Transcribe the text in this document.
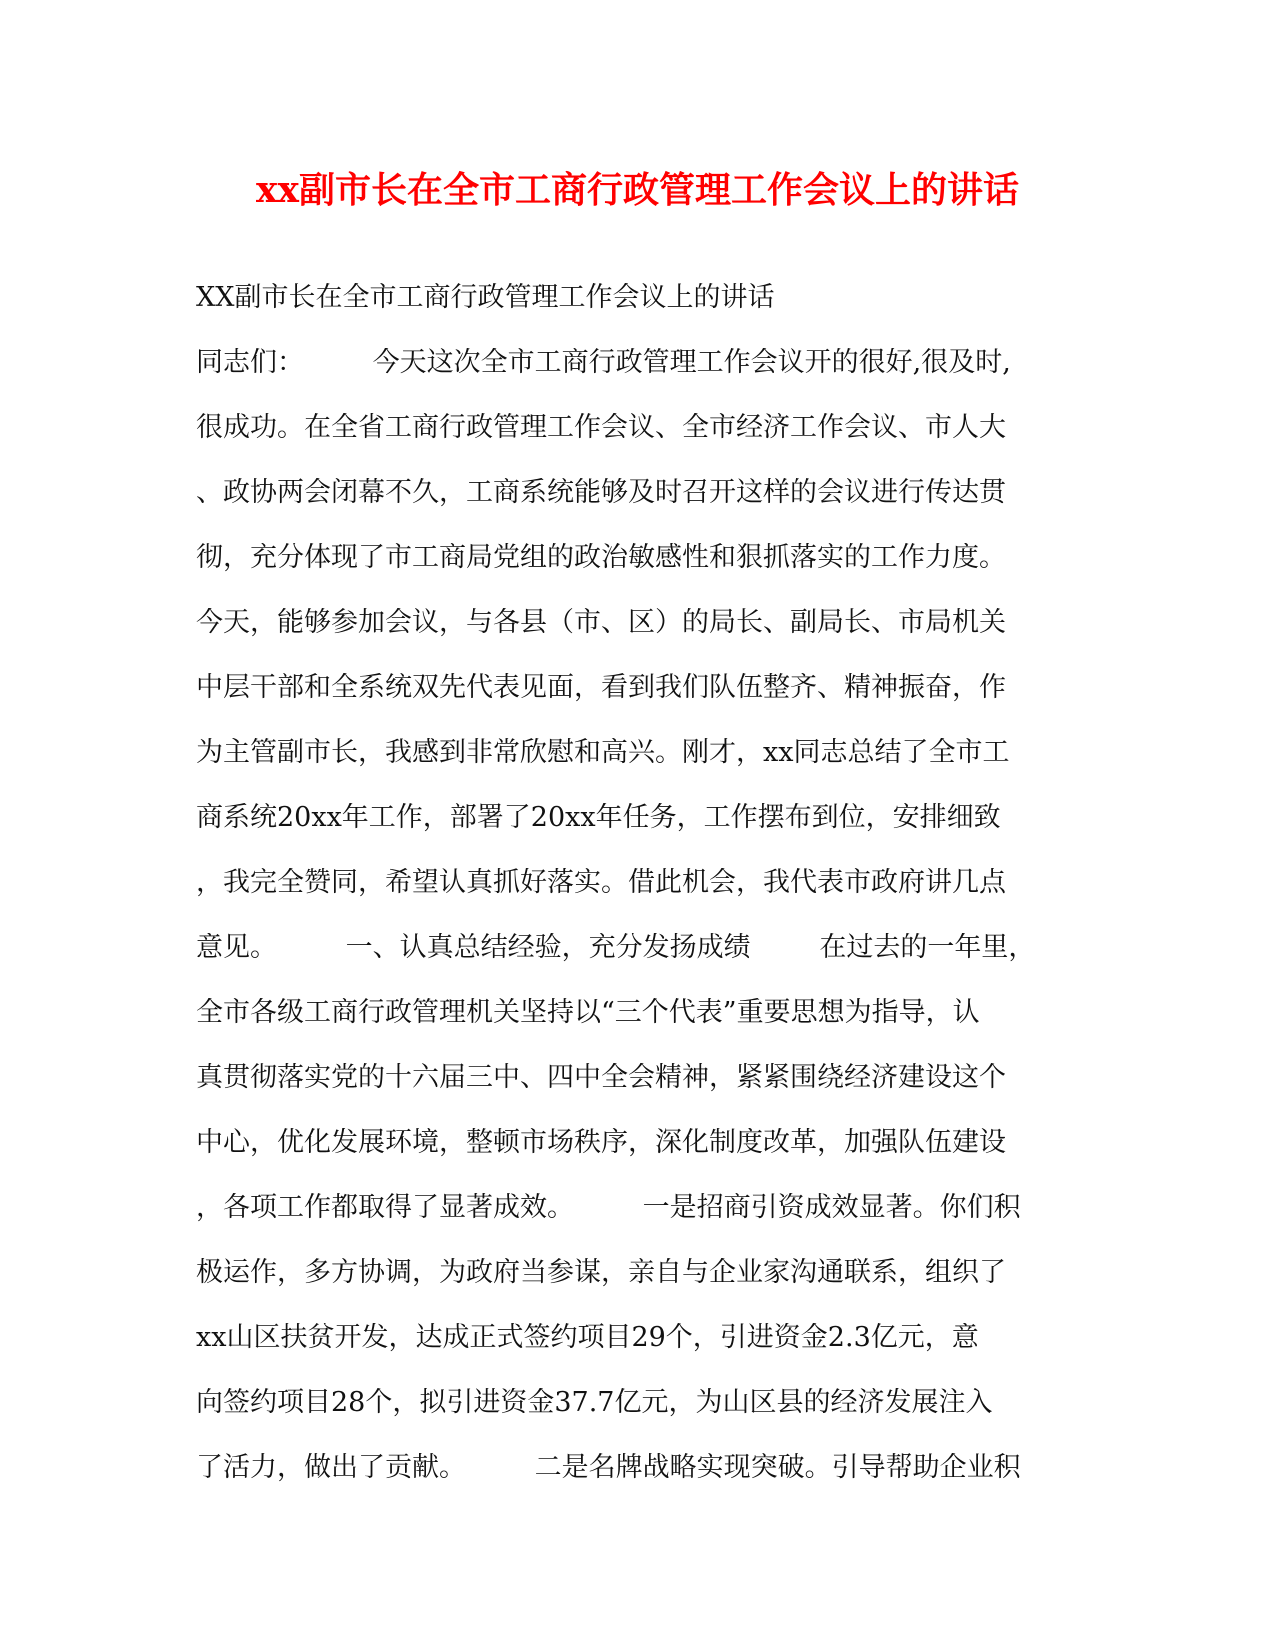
xx副市长在全市工商行政管理工作会议上的讲话
XX副市长在全市工商行政管理工作会议上的讲话
同志们：        今天这次全市工商行政管理工作会议开的很好,很及时,
很成功。在全省工商行政管理工作会议、全市经济工作会议、市人大
、政协两会闭幕不久，工商系统能够及时召开这样的会议进行传达贯
彻，充分体现了市工商局党组的政治敏感性和狠抓落实的工作力度。
今天，能够参加会议，与各县（市、区）的局长、副局长、市局机关
中层干部和全系统双先代表见面，看到我们队伍整齐、精神振奋，作
为主管副市长，我感到非常欣慰和高兴。刚才，xx同志总结了全市工
商系统20xx年工作，部署了20xx年任务，工作摆布到位，安排细致
，我完全赞同，希望认真抓好落实。借此机会，我代表市政府讲几点
意见。        一、认真总结经验，充分发扬成绩        在过去的一年里，
全市各级工商行政管理机关坚持以“三个代表”重要思想为指导，认
真贯彻落实党的十六届三中、四中全会精神，紧紧围绕经济建设这个
中心，优化发展环境，整顿市场秩序，深化制度改革，加强队伍建设
，各项工作都取得了显著成效。        一是招商引资成效显著。你们积
极运作，多方协调，为政府当参谋，亲自与企业家沟通联系，组织了
xx山区扶贫开发，达成正式签约项目29个，引进资金2.3亿元，意
向签约项目28个，拟引进资金37.7亿元，为山区县的经济发展注入
了活力，做出了贡献。        二是名牌战略实现突破。引导帮助企业积
